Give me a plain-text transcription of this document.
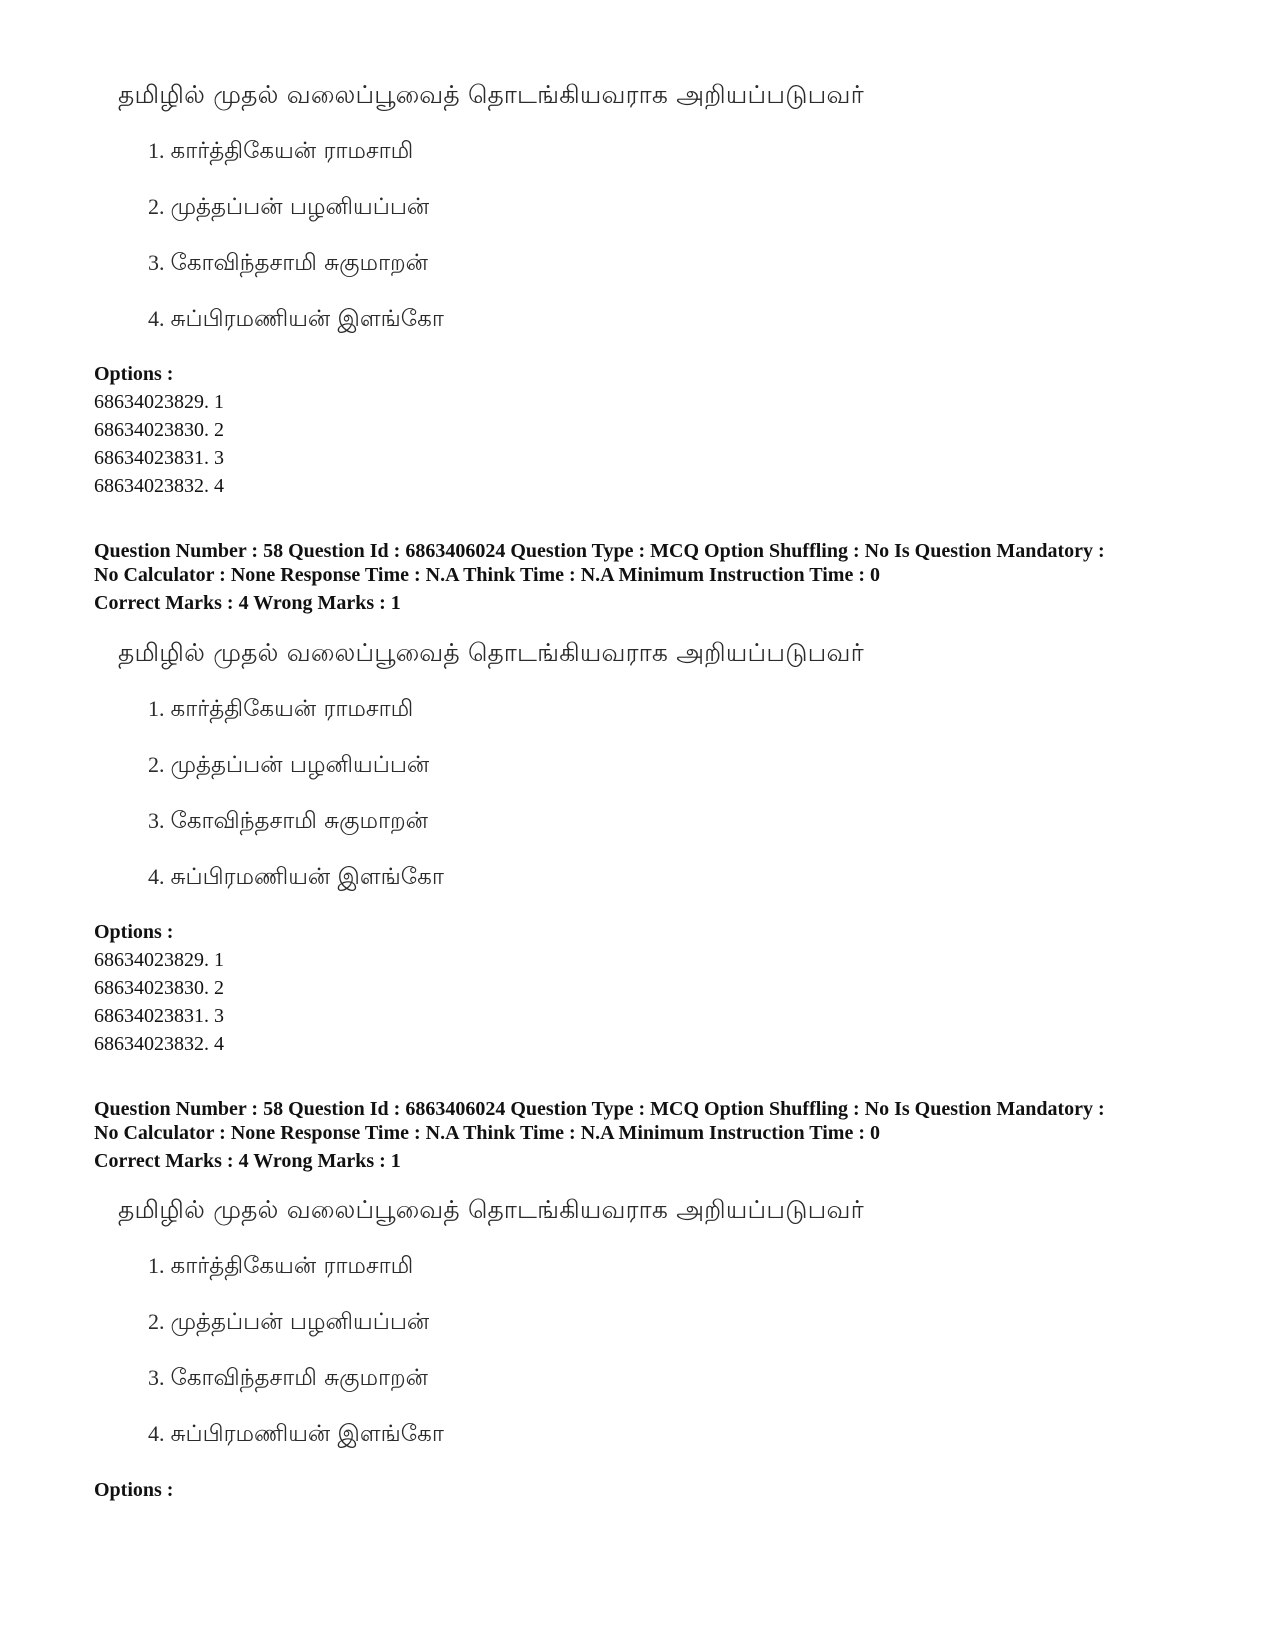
தமிழில் முதல் வலைப்பூவைத் தொடங்கியவராக அறியப்படுபவர்
1. கார்த்திகேயன் ராமசாமி
2. முத்தப்பன் பழனியப்பன்
3. கோவிந்தசாமி சுகுமாறன்
4. சுப்பிரமணியன் இளங்கோ
Options :
68634023829. 1
68634023830. 2
68634023831. 3
68634023832. 4
Question Number : 58 Question Id : 6863406024 Question Type : MCQ Option Shuffling : No Is Question Mandatory :
No Calculator : None Response Time : N.A Think Time : N.A Minimum Instruction Time : 0
Correct Marks : 4 Wrong Marks : 1
தமிழில் முதல் வலைப்பூவைத் தொடங்கியவராக அறியப்படுபவர்
1. கார்த்திகேயன் ராமசாமி
2. முத்தப்பன் பழனியப்பன்
3. கோவிந்தசாமி சுகுமாறன்
4. சுப்பிரமணியன் இளங்கோ
Options :
68634023829. 1
68634023830. 2
68634023831. 3
68634023832. 4
Question Number : 58 Question Id : 6863406024 Question Type : MCQ Option Shuffling : No Is Question Mandatory :
No Calculator : None Response Time : N.A Think Time : N.A Minimum Instruction Time : 0
Correct Marks : 4 Wrong Marks : 1
தமிழில் முதல் வலைப்பூவைத் தொடங்கியவராக அறியப்படுபவர்
1. கார்த்திகேயன் ராமசாமி
2. முத்தப்பன் பழனியப்பன்
3. கோவிந்தசாமி சுகுமாறன்
4. சுப்பிரமணியன் இளங்கோ
Options :
